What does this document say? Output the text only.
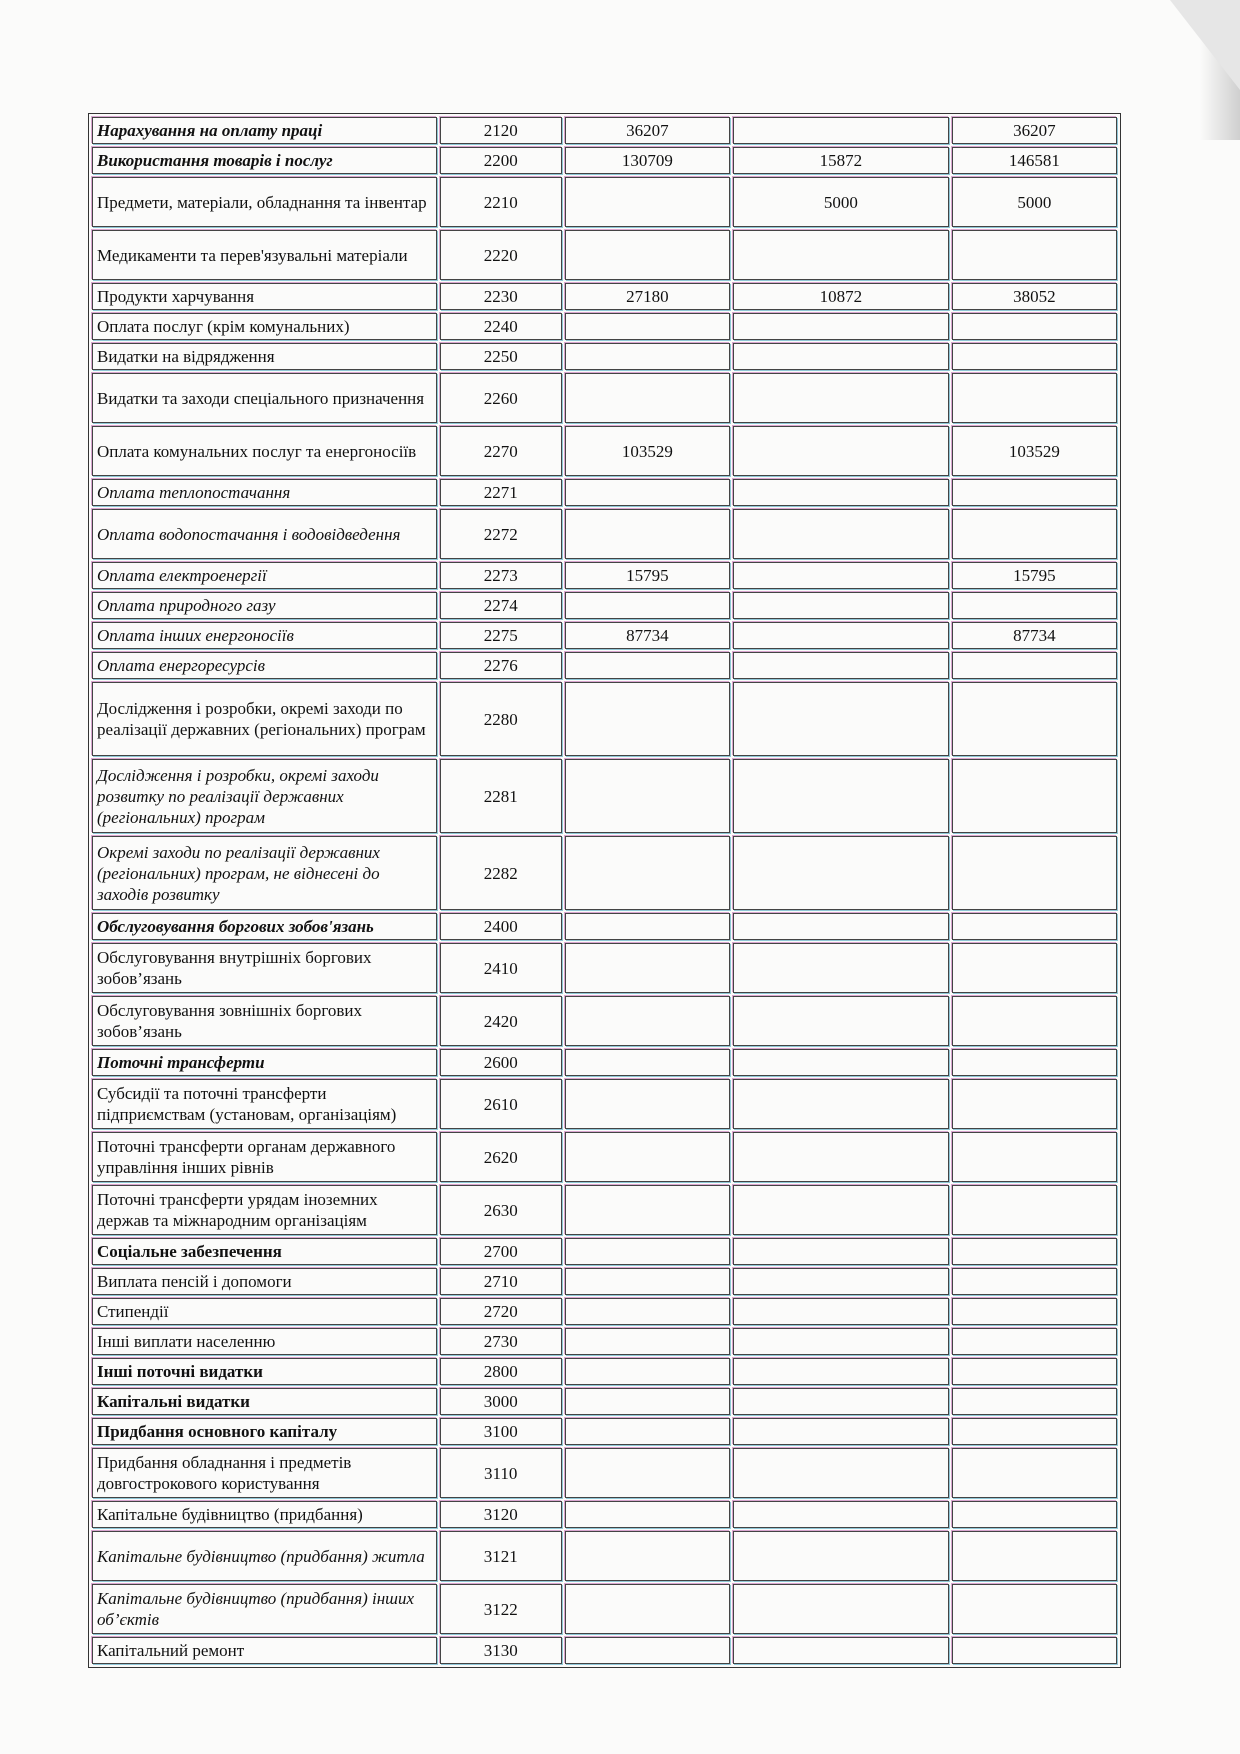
Нарахування на оплату праці	2120	36207		36207
Використання товарів і послуг	2200	130709	15872	146581
Предмети, матеріали, обладнання та інвентар	2210		5000	5000
Медикаменти та перев'язувальні матеріали	2220			
Продукти харчування	2230	27180	10872	38052
Оплата послуг (крім комунальних)	2240			
Видатки на відрядження	2250			
Видатки та заходи спеціального призначення	2260			
Оплата комунальних послуг та енергоносіїв	2270	103529		103529
Оплата теплопостачання	2271			
Оплата водопостачання і водовідведення	2272			
Оплата електроенергії	2273	15795		15795
Оплата природного газу	2274			
Оплата інших енергоносіїв	2275	87734		87734
Оплата енергоресурсів	2276			
Дослідження і розробки, окремі заходи по реалізації державних (регіональних) програм	2280			
Дослідження і розробки, окремі заходи розвитку по реалізації державних (регіональних) програм	2281			
Окремі заходи по реалізації державних (регіональних) програм, не віднесені до заходів розвитку	2282			
Обслуговування боргових зобов'язань	2400			
Обслуговування внутрішніх боргових зобов’язань	2410			
Обслуговування зовнішніх боргових зобов’язань	2420			
Поточні трансферти	2600			
Субсидії та поточні трансферти підприємствам (установам, організаціям)	2610			
Поточні трансферти органам державного управління інших рівнів	2620			
Поточні трансферти урядам іноземних держав та міжнародним організаціям	2630			
Соціальне забезпечення	2700			
Виплата пенсій і допомоги	2710			
Стипендії	2720			
Інші виплати населенню	2730			
Інші поточні видатки	2800			
Капітальні видатки	3000			
Придбання основного капіталу	3100			
Придбання обладнання і предметів довгострокового користування	3110			
Капітальне будівництво (придбання)	3120			
Капітальне будівництво (придбання) житла	3121			
Капітальне будівництво (придбання) інших об’єктів	3122			
Капітальний ремонт	3130			
